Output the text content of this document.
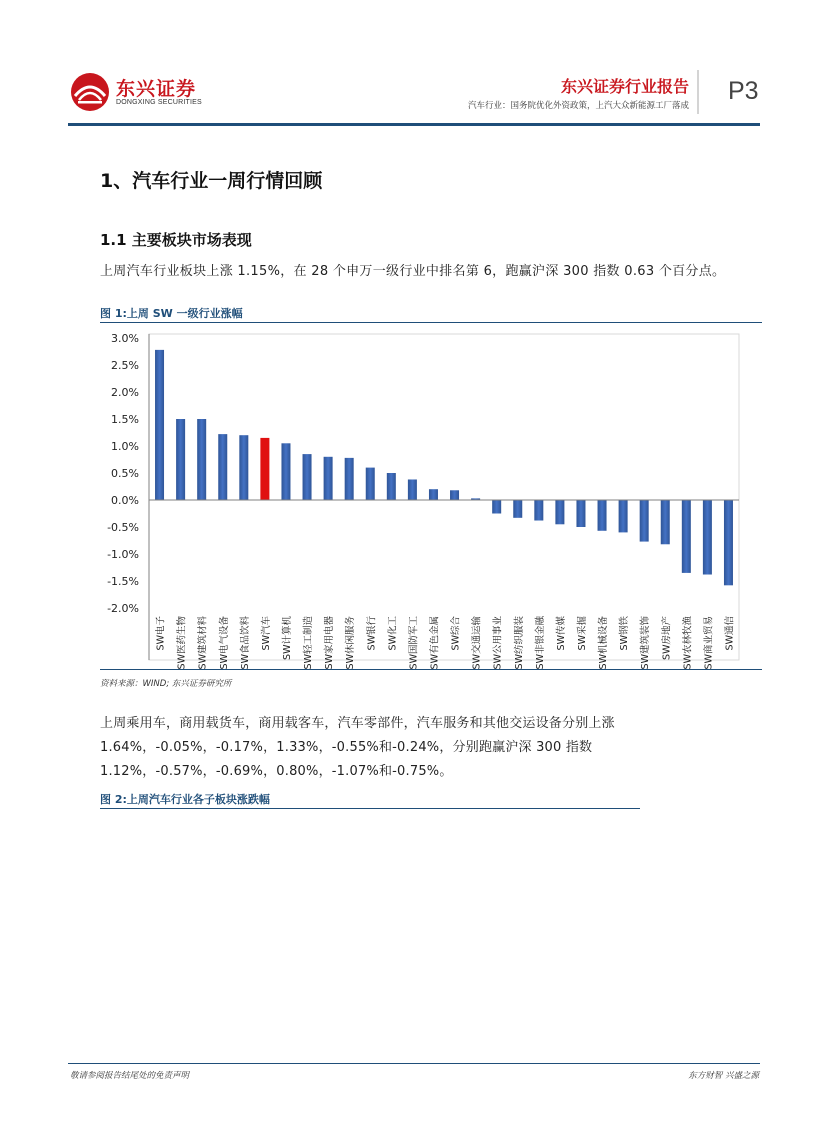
东兴证券
DONGXING SECURITIES
东兴证券行业报告
汽车行业：国务院优化外资政策，上汽大众新能源工厂落成
P3
1、汽车行业一周行情回顾
1.1 主要板块市场表现
上周汽车行业板块上涨 1.15%，在 28 个申万一级行业中排名第 6，跑赢沪深 300 指数 0.63 个百分点。
图 1:上周 SW 一级行业涨幅
3.0%
2.5%
2.0%
1.5%
1.0%
0.5%
0.0%
-0.5%
-1.0%
-1.5%
-2.0%
SW电子 SW医药生物 SW建筑材料 SW电气设备 SW食品饮料 SW汽车 SW计算机 SW轻工制造 SW家用电器 SW休闲服务 SW银行 SW化工 SW国防军工 SW有色金属 SW综合 SW交通运输 SW公用事业 SW纺织服装 SW非银金融 SW传媒 SW采掘 SW机械设备 SW钢铁 SW建筑装饰 SW房地产 SW农林牧渔 SW商业贸易 SW通信
资料来源：WIND; 东兴证券研究所
上周乘用车，商用载货车，商用载客车，汽车零部件，汽车服务和其他交运设备分别上涨 1.64%，-0.05%，-0.17%，1.33%，-0.55%和-0.24%，分别跑赢沪深 300 指数 1.12%，-0.57%，-0.69%，0.80%，-1.07%和-0.75%。
图 2:上周汽车行业各子板块涨跌幅
敬请参阅报告结尾处的免责声明	东方财智 兴盛之源
